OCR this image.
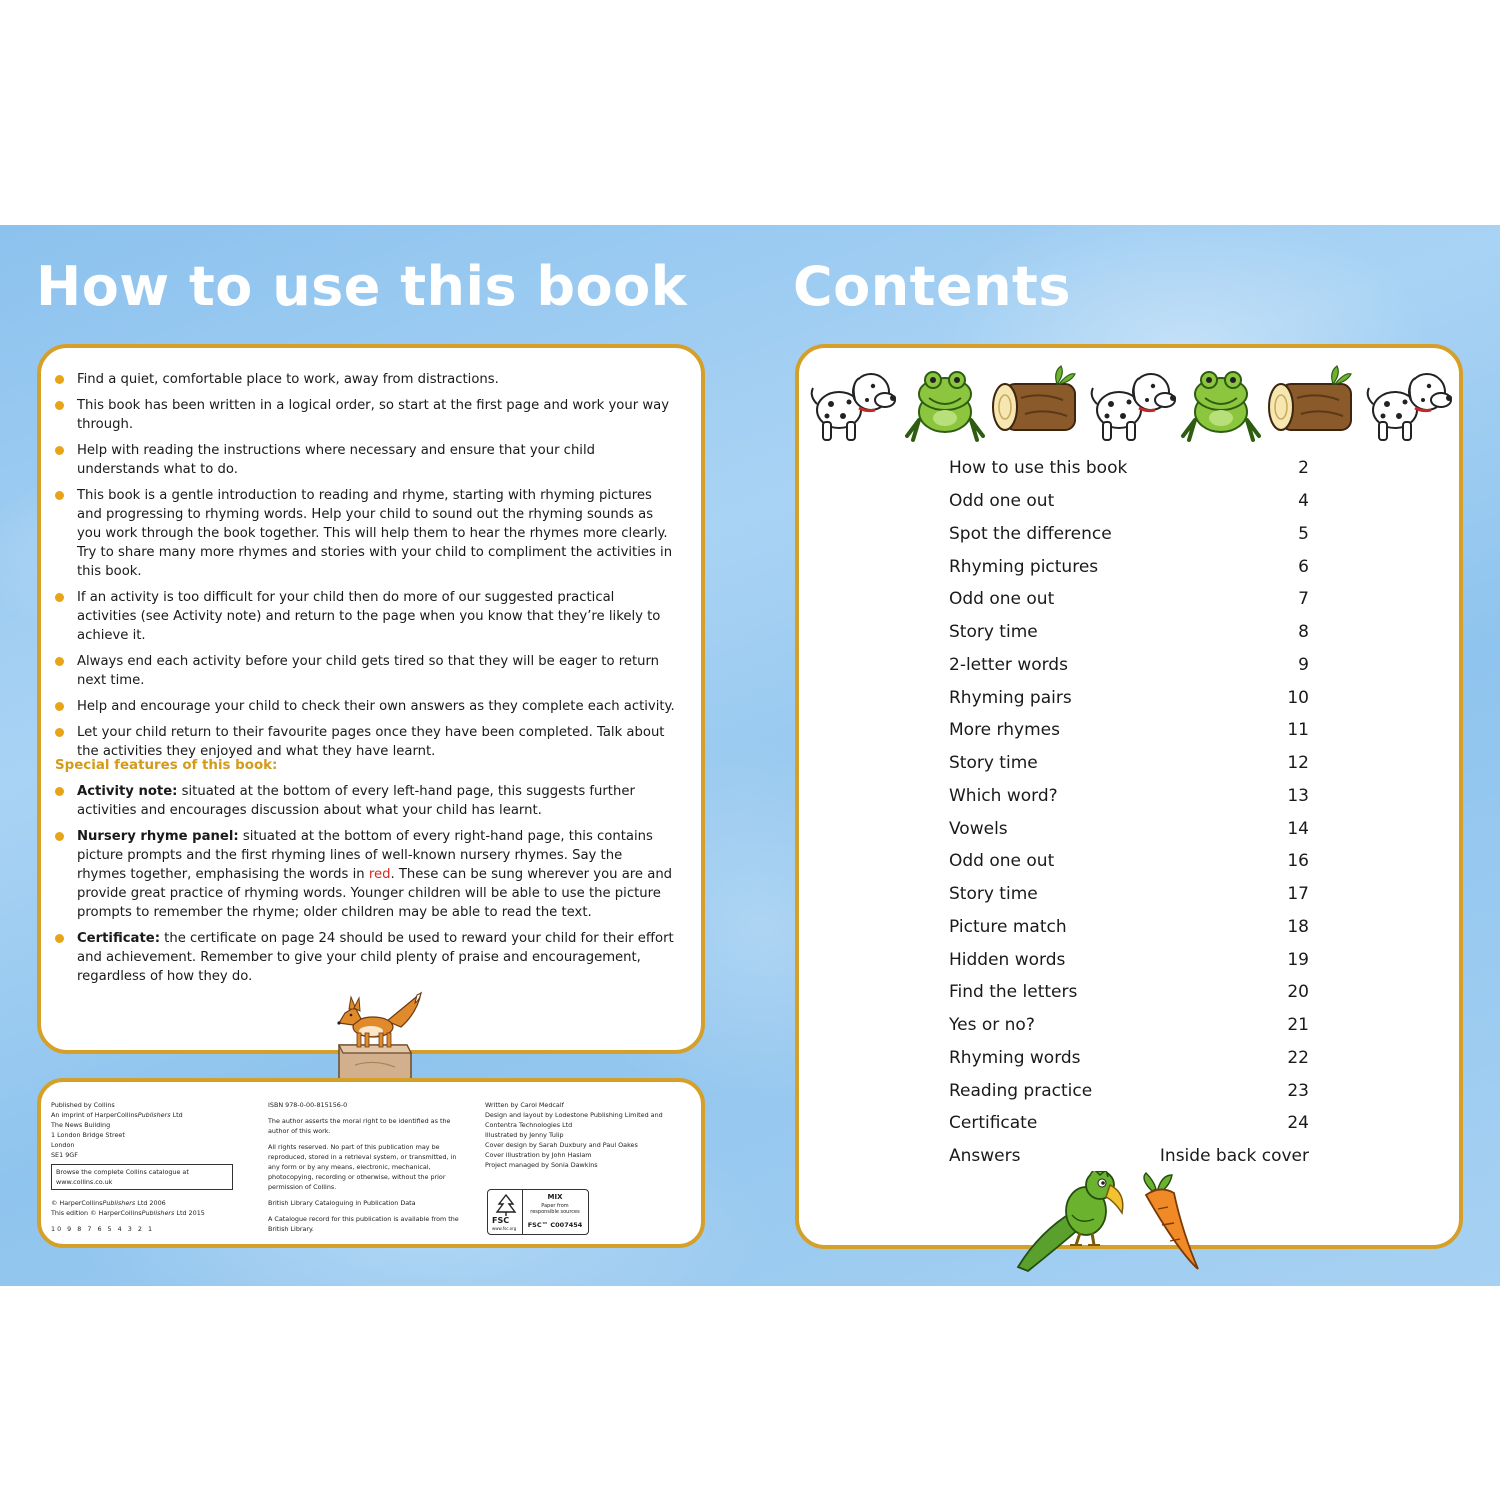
How to use this book Contents
Find a quiet, comfortable place to work, away from distractions.
This book has been written in a logical order, so start at the first page and work your way through.
Help with reading the instructions where necessary and ensure that your child understands what to do.
This book is a gentle introduction to reading and rhyme, starting with rhyming pictures and progressing to rhyming words. Help your child to sound out the rhyming sounds as you work through the book together. This will help them to hear the rhymes more clearly. Try to share many more rhymes and stories with your child to compliment the activities in this book.
If an activity is too difficult for your child then do more of our suggested practical activities (see Activity note) and return to the page when you know that they’re likely to achieve it.
Always end each activity before your child gets tired so that they will be eager to return next time.
Help and encourage your child to check their own answers as they complete each activity.
Let your child return to their favourite pages once they have been completed. Talk about the activities they enjoyed and what they have learnt.
Special features of this book:
Activity note: situated at the bottom of every left-hand page, this suggests further activities and encourages discussion about what your child has learnt.
Nursery rhyme panel: situated at the bottom of every right-hand page, this contains picture prompts and the first rhyming lines of well-known nursery rhymes. Say the rhymes together, emphasising the words in red. These can be sung wherever you are and provide great practice of rhyming words. Younger children will be able to use the picture prompts to remember the rhyme; older children may be able to read the text.
Certificate: the certificate on page 24 should be used to reward your child for their effort and achievement. Remember to give your child plenty of praise and encouragement, regardless of how they do.
Published by Collins
An imprint of HarperCollinsPublishers Ltd
The News Building
1 London Bridge Street
London
SE1 9GF
Browse the complete Collins catalogue at
www.collins.co.uk
© HarperCollinsPublishers Ltd 2006
This edition © HarperCollinsPublishers Ltd 2015
10 9 8 7 6 5 4 3 2 1

ISBN 978-0-00-815156-0

The author asserts the moral right to be identified as the author of this work.

All rights reserved. No part of this publication may be reproduced, stored in a retrieval system, or transmitted, in any form or by any means, electronic, mechanical, photocopying, recording or otherwise, without the prior permission of Collins.

British Library Cataloguing in Publication Data

A Catalogue record for this publication is available from the British Library.

Written by Carol Medcalf
Design and layout by Lodestone Publishing Limited and
Contentra Technologies Ltd
Illustrated by Jenny Tulip
Cover design by Sarah Duxbury and Paul Oakes
Cover illustration by John Haslam
Project managed by Sonia Dawkins
FSC
www.fsc.org
MIX
Paper from
responsible sources
FSC™ C007454
How to use this book	2
Odd one out	4
Spot the difference	5
Rhyming pictures	6
Odd one out	7
Story time	8
2-letter words	9
Rhyming pairs	10
More rhymes	11
Story time	12
Which word?	13
Vowels	14
Odd one out	16
Story time	17
Picture match	18
Hidden words	19
Find the letters	20
Yes or no?	21
Rhyming words	22
Reading practice	23
Certificate	24
Answers	Inside back cover
